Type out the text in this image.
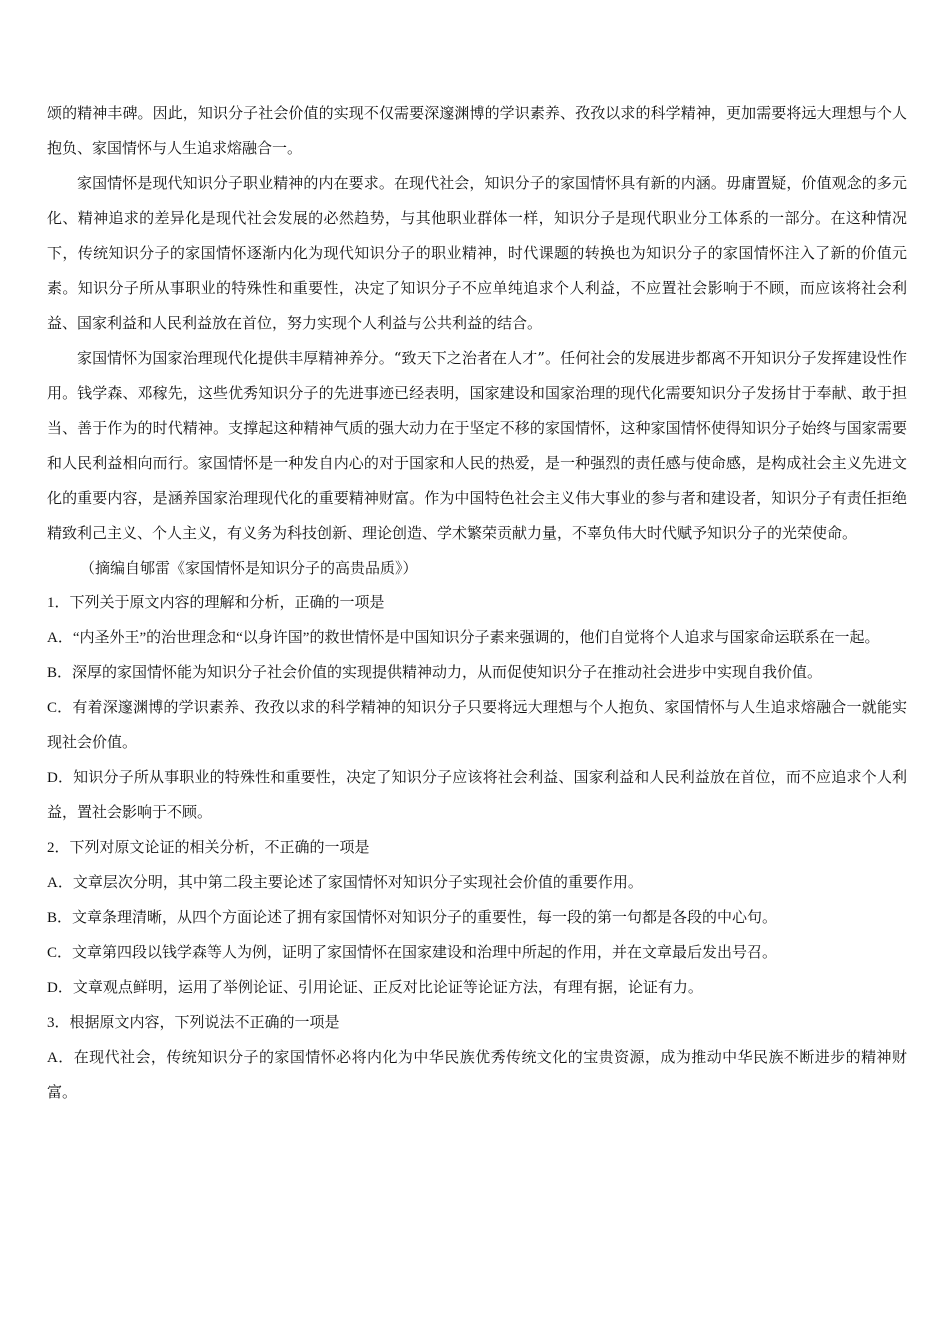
颂的精神丰碑。因此，知识分子社会价值的实现不仅需要深邃渊博的学识素养、孜孜以求的科学精神，更加需要将远大理想与个人抱负、家国情怀与人生追求熔融合一。

家国情怀是现代知识分子职业精神的内在要求。在现代社会，知识分子的家国情怀具有新的内涵。毋庸置疑，价值观念的多元化、精神追求的差异化是现代社会发展的必然趋势，与其他职业群体一样，知识分子是现代职业分工体系的一部分。在这种情况下，传统知识分子的家国情怀逐渐内化为现代知识分子的职业精神，时代课题的转换也为知识分子的家国情怀注入了新的价值元素。知识分子所从事职业的特殊性和重要性，决定了知识分子不应单纯追求个人利益，不应置社会影响于不顾，而应该将社会利益、国家利益和人民利益放在首位，努力实现个人利益与公共利益的结合。

家国情怀为国家治理现代化提供丰厚精神养分。“致天下之治者在人才”。任何社会的发展进步都离不开知识分子发挥建设性作用。钱学森、邓稼先，这些优秀知识分子的先进事迹已经表明，国家建设和国家治理的现代化需要知识分子发扬甘于奉献、敢于担当、善于作为的时代精神。支撑起这种精神气质的强大动力在于坚定不移的家国情怀，这种家国情怀使得知识分子始终与国家需要和人民利益相向而行。家国情怀是一种发自内心的对于国家和人民的热爱，是一种强烈的责任感与使命感，是构成社会主义先进文化的重要内容，是涵养国家治理现代化的重要精神财富。作为中国特色社会主义伟大事业的参与者和建设者，知识分子有责任拒绝精致利己主义、个人主义，有义务为科技创新、理论创造、学术繁荣贡献力量，不辜负伟大时代赋予知识分子的光荣使命。

（摘编自郇雷《家国情怀是知识分子的高贵品质》）

1．下列关于原文内容的理解和分析，正确的一项是

A．“内圣外王”的治世理念和“以身许国”的救世情怀是中国知识分子素来强调的，他们自觉将个人追求与国家命运联系在一起。

B．深厚的家国情怀能为知识分子社会价值的实现提供精神动力，从而促使知识分子在推动社会进步中实现自我价值。

C．有着深邃渊博的学识素养、孜孜以求的科学精神的知识分子只要将远大理想与个人抱负、家国情怀与人生追求熔融合一就能实现社会价值。

D．知识分子所从事职业的特殊性和重要性，决定了知识分子应该将社会利益、国家利益和人民利益放在首位，而不应追求个人利益，置社会影响于不顾。

2．下列对原文论证的相关分析，不正确的一项是

A．文章层次分明，其中第二段主要论述了家国情怀对知识分子实现社会价值的重要作用。

B．文章条理清晰，从四个方面论述了拥有家国情怀对知识分子的重要性，每一段的第一句都是各段的中心句。

C．文章第四段以钱学森等人为例，证明了家国情怀在国家建设和治理中所起的作用，并在文章最后发出号召。

D．文章观点鲜明，运用了举例论证、引用论证、正反对比论证等论证方法，有理有据，论证有力。

3．根据原文内容，下列说法不正确的一项是

A．在现代社会，传统知识分子的家国情怀必将内化为中华民族优秀传统文化的宝贵资源，成为推动中华民族不断进步的精神财富。
